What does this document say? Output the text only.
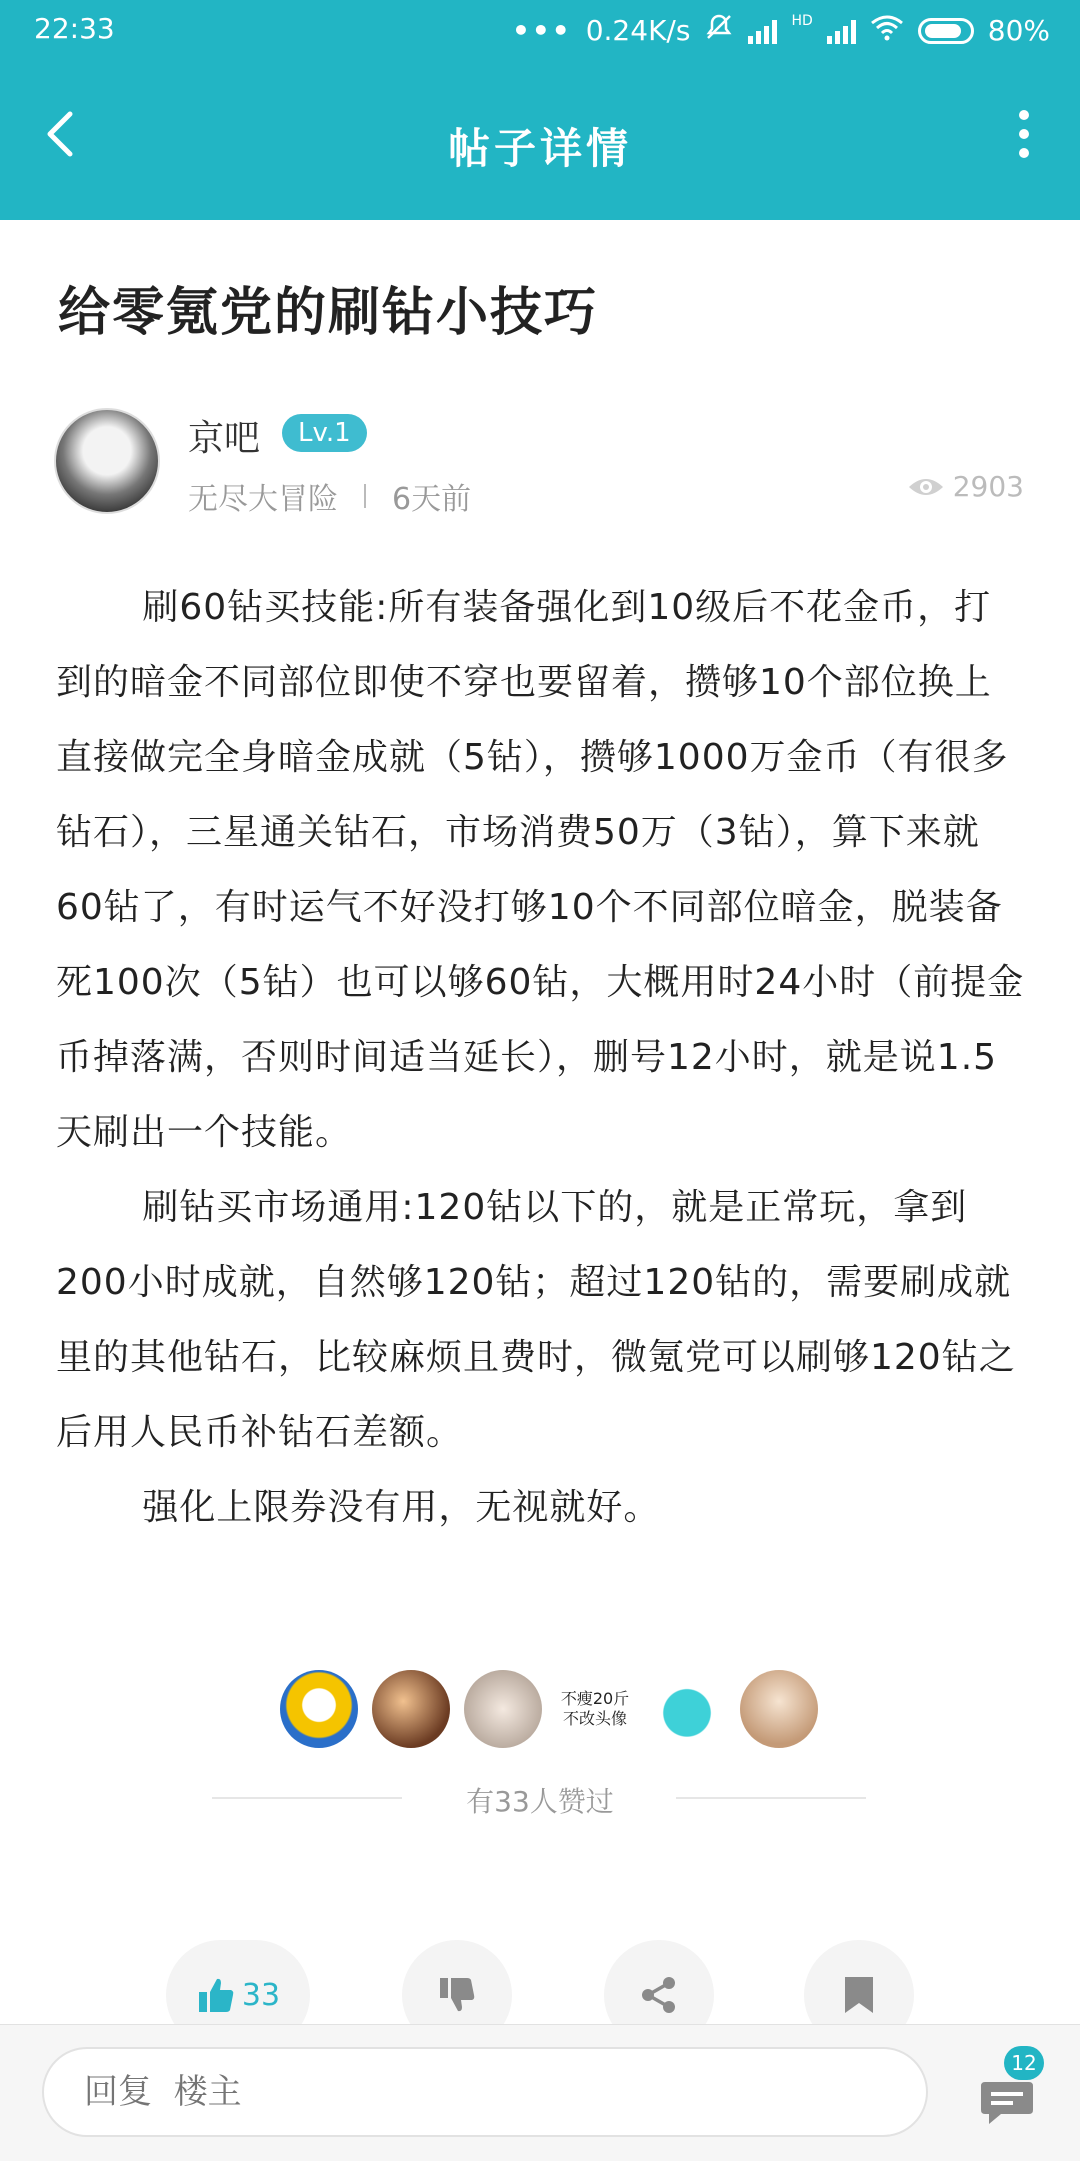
22:33	••• 0.24K/s	HD	80%
帖子详情
给零氪党的刷钻小技巧
京吧	Lv.1
无尽大冒险 6天前	2903

刷60钻买技能:所有装备强化到10级后不花金币，打到的暗金不同部位即使不穿也要留着，攒够10个部位换上直接做完全身暗金成就（5钻），攒够1000万金币（有很多钻石），三星通关钻石，市场消费50万（3钻），算下来就60钻了，有时运气不好没打够10个不同部位暗金，脱装备死100次（5钻）也可以够60钻，大概用时24小时（前提金币掉落满，否则时间适当延长），删号12小时，就是说1.5天刷出一个技能。

刷钻买市场通用:120钻以下的，就是正常玩，拿到200小时成就，自然够120钻；超过120钻的，需要刷成就里的其他钻石，比较麻烦且费时，微氪党可以刷够120钻之后用人民币补钻石差额。

强化上限券没有用，无视就好。

不瘦20斤
不改头像
有33人赞过
33
回复 楼主
12
